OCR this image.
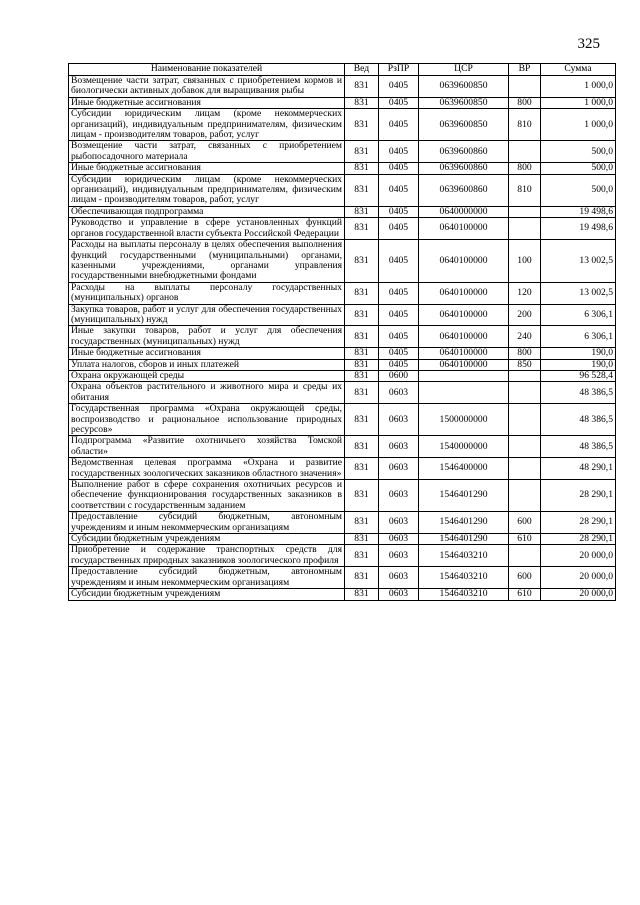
325
Наименование показателей	Вед	РзПР	ЦСР	ВР	Сумма
Возмещение части затрат, связанных с приобретением кормов и биологически активных добавок для выращивания рыбы	831	0405	0639600850		1 000,0
Иные бюджетные ассигнования	831	0405	0639600850	800	1 000,0
Субсидии юридическим лицам (кроме некоммерческих организаций), индивидуальным предпринимателям, физическим лицам - производителям товаров, работ, услуг	831	0405	0639600850	810	1 000,0
Возмещение части затрат, связанных с приобретением рыбопосадочного материала	831	0405	0639600860		500,0
Иные бюджетные ассигнования	831	0405	0639600860	800	500,0
Субсидии юридическим лицам (кроме некоммерческих организаций), индивидуальным предпринимателям, физическим лицам - производителям товаров, работ, услуг	831	0405	0639600860	810	500,0
Обеспечивающая подпрограмма	831	0405	0640000000		19 498,6
Руководство и управление в сфере установленных функций органов государственной власти субъекта Российской Федерации	831	0405	0640100000		19 498,6
Расходы на выплаты персоналу в целях обеспечения выполнения функций государственными (муниципальными) органами, казенными учреждениями, органами управления государственными внебюджетными фондами	831	0405	0640100000	100	13 002,5
Расходы на выплаты персоналу государственных (муниципальных) органов	831	0405	0640100000	120	13 002,5
Закупка товаров, работ и услуг для обеспечения государственных (муниципальных) нужд	831	0405	0640100000	200	6 306,1
Иные закупки товаров, работ и услуг для обеспечения государственных (муниципальных) нужд	831	0405	0640100000	240	6 306,1
Иные бюджетные ассигнования	831	0405	0640100000	800	190,0
Уплата налогов, сборов и иных платежей	831	0405	0640100000	850	190,0
Охрана окружающей среды	831	0600			96 528,4
Охрана объектов растительного и животного мира и среды их обитания	831	0603			48 386,5
Государственная программа «Охрана окружающей среды, воспроизводство и рациональное использование природных ресурсов»	831	0603	1500000000		48 386,5
Подпрограмма «Развитие охотничьего хозяйства Томской области»	831	0603	1540000000		48 386,5
Ведомственная целевая программа «Охрана и развитие государственных зоологических заказников областного значения»	831	0603	1546400000		48 290,1
Выполнение работ в сфере сохранения охотничьих ресурсов и обеспечение функционирования государственных заказников в соответствии с государственным заданием	831	0603	1546401290		28 290,1
Предоставление субсидий бюджетным, автономным учреждениям и иным некоммерческим организациям	831	0603	1546401290	600	28 290,1
Субсидии бюджетным учреждениям	831	0603	1546401290	610	28 290,1
Приобретение и содержание транспортных средств для государственных природных заказников зоологического профиля	831	0603	1546403210		20 000,0
Предоставление субсидий бюджетным, автономным учреждениям и иным некоммерческим организациям	831	0603	1546403210	600	20 000,0
Субсидии бюджетным учреждениям	831	0603	1546403210	610	20 000,0
